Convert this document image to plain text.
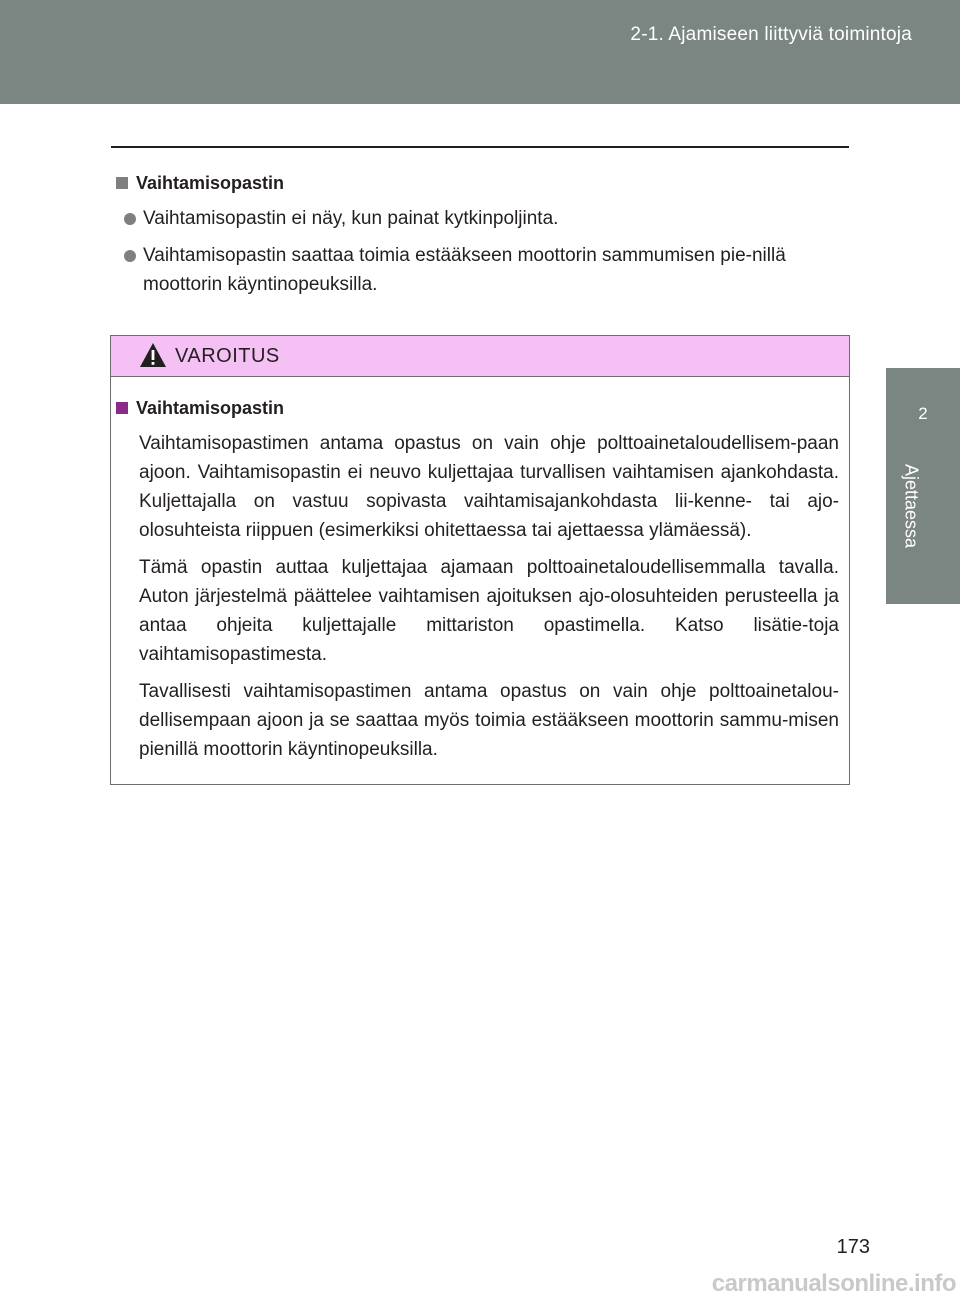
2-1. Ajamiseen liittyviä toimintoja
2
Ajettaessa
Vaihtamisopastin
Vaihtamisopastin ei näy, kun painat kytkinpoljinta.
Vaihtamisopastin saattaa toimia estääkseen moottorin sammumisen pie-nillä moottorin käyntinopeuksilla.
VAROITUS
Vaihtamisopastin
Vaihtamisopastimen antama opastus on vain ohje polttoainetaloudellisem-paan ajoon. Vaihtamisopastin ei neuvo kuljettajaa turvallisen vaihtamisen ajankohdasta. Kuljettajalla on vastuu sopivasta vaihtamisajankohdasta lii-kenne- tai ajo-olosuhteista riippuen (esimerkiksi ohitettaessa tai ajettaessa ylämäessä).
Tämä opastin auttaa kuljettajaa ajamaan polttoainetaloudellisemmalla tavalla. Auton järjestelmä päättelee vaihtamisen ajoituksen ajo-olosuhteiden perusteella ja antaa ohjeita kuljettajalle mittariston opastimella. Katso lisätie-toja vaihtamisopastimesta.
Tavallisesti vaihtamisopastimen antama opastus on vain ohje polttoainetalou-dellisempaan ajoon ja se saattaa myös toimia estääkseen moottorin sammu-misen pienillä moottorin käyntinopeuksilla.
173
carmanualsonline.info
